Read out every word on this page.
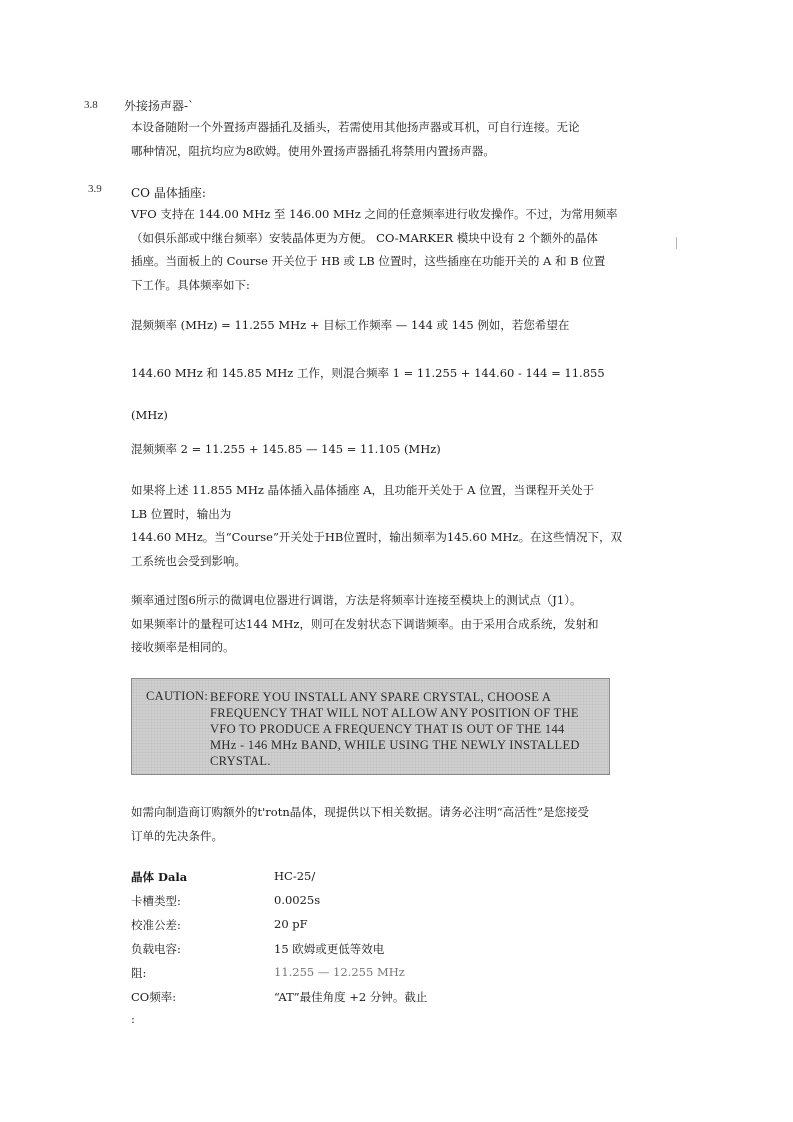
3.8 外接扬声器-`
本设备随附一个外置扬声器插孔及插头，若需使用其他扬声器或耳机，可自行连接。无论
哪种情况，阻抗均应为8欧姆。使用外置扬声器插孔将禁用内置扬声器。
3.9 CO 晶体插座:
VFO 支持在 144.00 MHz 至 146.00 MHz 之间的任意频率进行收发操作。不过，为常用频率
（如俱乐部或中继台频率）安装晶体更为方便。 CO-MARKER 模块中设有 2 个额外的晶体
插座。当面板上的 Course 开关位于 HB 或 LB 位置时，这些插座在功能开关的 A 和 B 位置
下工作。具体频率如下:
混频频率 (MHz) = 11.255 MHz + 目标工作频率 — 144 或 145 例如，若您希望在
144.60 MHz 和 145.85 MHz 工作，则混合频率 1 = 11.255 + 144.60 - 144 = 11.855
(MHz)
混频频率 2 = 11.255 + 145.85 — 145 = 11.105 (MHz)
如果将上述 11.855 MHz 晶体插入晶体插座 A，且功能开关处于 A 位置，当课程开关处于
LB 位置时，输出为
144.60 MHz。当“Course”开关处于HB位置时，输出频率为145.60 MHz。在这些情况下，双
工系统也会受到影响。
频率通过图6所示的微调电位器进行调谐，方法是将频率计连接至模块上的测试点（J1）。
如果频率计的量程可达144 MHz，则可在发射状态下调谐频率。由于采用合成系统，发射和
接收频率是相同的。
CAUTION: BEFORE YOU INSTALL ANY SPARE CRYSTAL, CHOOSE A
FREQUENCY THAT WILL NOT ALLOW ANY POSITION OF THE
VFO TO PRODUCE A FREQUENCY THAT IS OUT OF THE 144
MHz - 146 MHz BAND, WHILE USING THE NEWLY INSTALLED
CRYSTAL.
如需向制造商订购额外的t'rotn晶体，现提供以下相关数据。请务必注明“高活性”是您接受
订单的先决条件。
晶体 Dala	HC-25/
卡槽类型:	0.0025s
校准公差:	20 pF
负载电容:	15 欧姆或更低等效电
阻:	11.255 — 12.255 MHz
CO频率:	“AT”最佳角度 +2 分钟。截止
:
